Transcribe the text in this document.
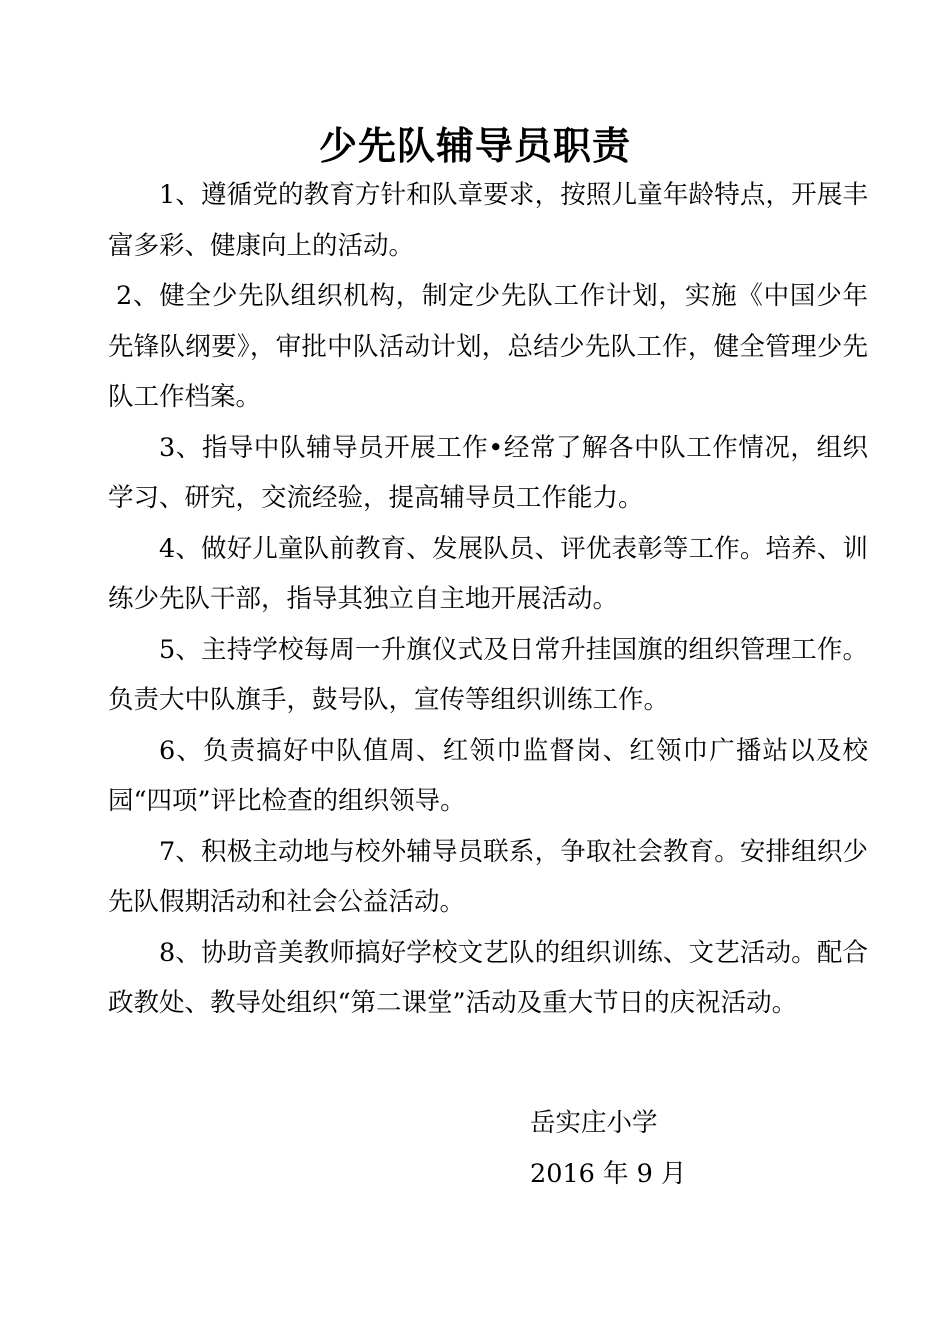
少先队辅导员职责

1、遵循党的教育方针和队章要求，按照儿童年龄特点，开展丰富多彩、健康向上的活动。

2、健全少先队组织机构，制定少先队工作计划，实施《中国少年先锋队纲要》，审批中队活动计划，总结少先队工作，健全管理少先队工作档案。

3、指导中队辅导员开展工作•经常了解各中队工作情况，组织学习、研究，交流经验，提高辅导员工作能力。

4、做好儿童队前教育、发展队员、评优表彰等工作。培养、训练少先队干部，指导其独立自主地开展活动。

5、主持学校每周一升旗仪式及日常升挂国旗的组织管理工作。负责大中队旗手，鼓号队，宣传等组织训练工作。

6、负责搞好中队值周、红领巾监督岗、红领巾广播站以及校园“四项”评比检查的组织领导。

7、积极主动地与校外辅导员联系，争取社会教育。安排组织少先队假期活动和社会公益活动。

8、协助音美教师搞好学校文艺队的组织训练、文艺活动。配合政教处、教导处组织“第二课堂”活动及重大节日的庆祝活动。

岳实庄小学
2016 年 9 月
